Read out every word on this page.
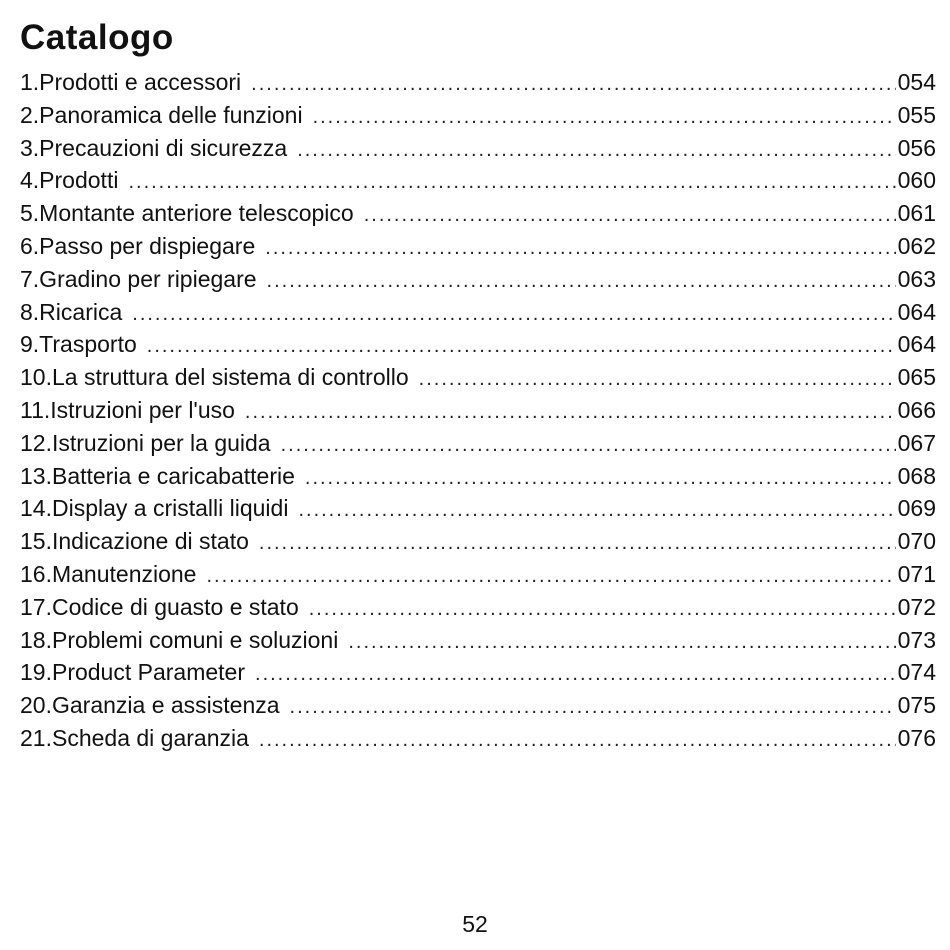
Catalogo
1.Prodotti e accessori .....	054
2.Panoramica delle funzioni .....	055
3.Precauzioni di sicurezza .....	056
4.Prodotti .....	060
5.Montante anteriore telescopico .....	061
6.Passo per dispiegare .....	062
7.Gradino per ripiegare .....	063
8.Ricarica .....	064
9.Trasporto .....	064
10.La struttura del sistema di controllo .....	065
11.Istruzioni per l'uso .....	066
12.Istruzioni per la guida .....	067
13.Batteria e caricabatterie .....	068
14.Display a cristalli liquidi .....	069
15.Indicazione di stato .....	070
16.Manutenzione .....	071
17.Codice di guasto e stato .....	072
18.Problemi comuni e soluzioni .....	073
19.Product Parameter .....	074
20.Garanzia e assistenza .....	075
21.Scheda di garanzia .....	076
52
